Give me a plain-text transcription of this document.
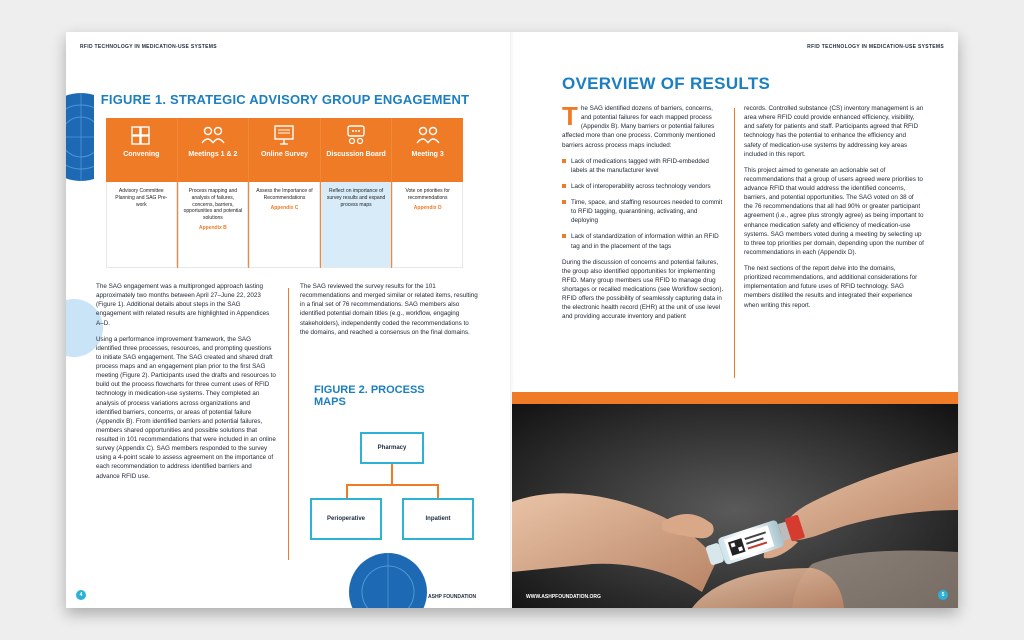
RFID TECHNOLOGY IN MEDICATION-USE SYSTEMS
FIGURE 1. STRATEGIC ADVISORY GROUP ENGAGEMENT
Convening
Advisory Committee Planning and SAG Pre-work
Meetings 1 & 2
Process mapping and analysis of failures, concerns, barriers, opportunities and potential solutions
Appendix B
Online Survey
Assess the Importance of Recommendations
Appendix C
Discussion Board
Reflect on importance of survey results and expand process maps
Meeting 3
Vote on priorities for recommendations
Appendix D

The SAG engagement was a multipronged approach lasting approximately two months between April 27–June 22, 2023 (Figure 1). Additional details about steps in the SAG engagement with related results are highlighted in Appendices A–D.

Using a performance improvement framework, the SAG identified three processes, resources, and prompting questions to initiate SAG engagement. The SAG created and shared draft process maps and an engagement plan prior to the first SAG meeting (Figure 2). Participants used the drafts and resources to build out the process flowcharts for three current uses of RFID technology in medication-use systems. They completed an analysis of process variations across organizations and identified barriers, concerns, or areas of potential failure (Appendix B). From identified barriers and potential failures, members shared opportunities and possible solutions that resulted in 101 recommendations that were included in an online survey (Appendix C). SAG members responded to the survey using a 4-point scale to assess agreement on the importance of each recommendation to address identified barriers and advance RFID use.

The SAG reviewed the survey results for the 101 recommendations and merged similar or related items, resulting in a final set of 76 recommendations. SAG members also identified potential domain titles (e.g., workflow, engaging stakeholders), independently coded the recommendations to the domains, and reached a consensus on the final domains.

FIGURE 2. PROCESS MAPS
Pharmacy
Perioperative	Inpatient
4	ASHP FOUNDATION
RFID TECHNOLOGY IN MEDICATION-USE SYSTEMS
OVERVIEW OF RESULTS

T he SAG identified dozens of barriers, concerns, and potential failures for each mapped process (Appendix B). Many barriers or potential failures affected more than one process. Commonly mentioned barriers across process maps included:

Lack of medications tagged with RFID-embedded labels at the manufacturer level
Lack of interoperability across technology vendors
Time, space, and staffing resources needed to commit to RFID tagging, quarantining, activating, and deploying
Lack of standardization of information within an RFID tag and in the placement of the tags

During the discussion of concerns and potential failures, the group also identified opportunities for implementing RFID. Many group members use RFID to manage drug shortages or recalled medications (see Workflow section). RFID offers the possibility of seamlessly capturing data in the electronic health record (EHR) at the unit of use level and providing accurate inventory and patient

records. Controlled substance (CS) inventory management is an area where RFID could provide enhanced efficiency, visibility, and safety for patients and staff. Participants agreed that RFID technology has the potential to enhance the efficiency and safety of medication-use systems by addressing key areas included in this report.

This project aimed to generate an actionable set of recommendations that a group of users agreed were priorities to advance RFID that would address the identified concerns, barriers, and potential opportunities. The SAG voted on 38 of the 76 recommendations that all had 90% or greater participant agreement (i.e., agree plus strongly agree) as being important to enhance medication safety and efficiency of medication-use systems. SAG members voted during a meeting by selecting up to three top priorities per domain, depending upon the number of recommendations in each (Appendix D).

The next sections of the report delve into the domains, prioritized recommendations, and additional considerations for implementation and future uses of RFID technology. SAG members distilled the results and integrated their experience when writing this report.

WWW.ASHPFOUNDATION.ORG	5
